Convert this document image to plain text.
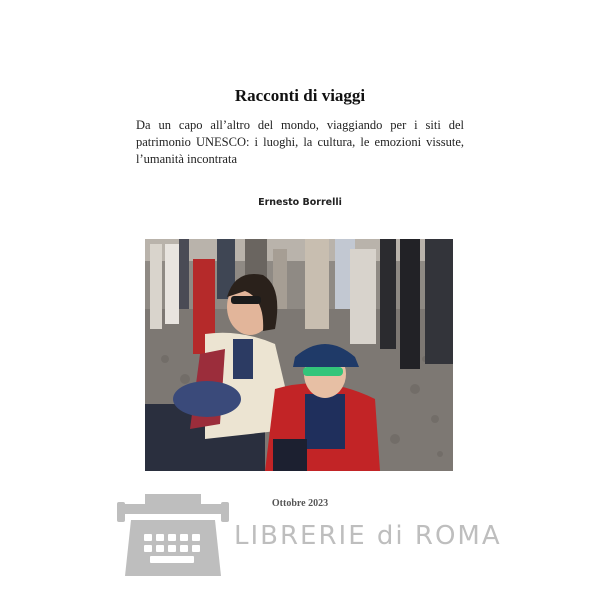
Racconti di viaggi

Da un capo all’altro del mondo, viaggiando per i siti del patrimonio UNESCO: i luoghi, la cultura, le emozioni vissute, l’umanità incontrata

Ernesto Borrelli
Ottobre 2023
LIBRERIE di ROMA
